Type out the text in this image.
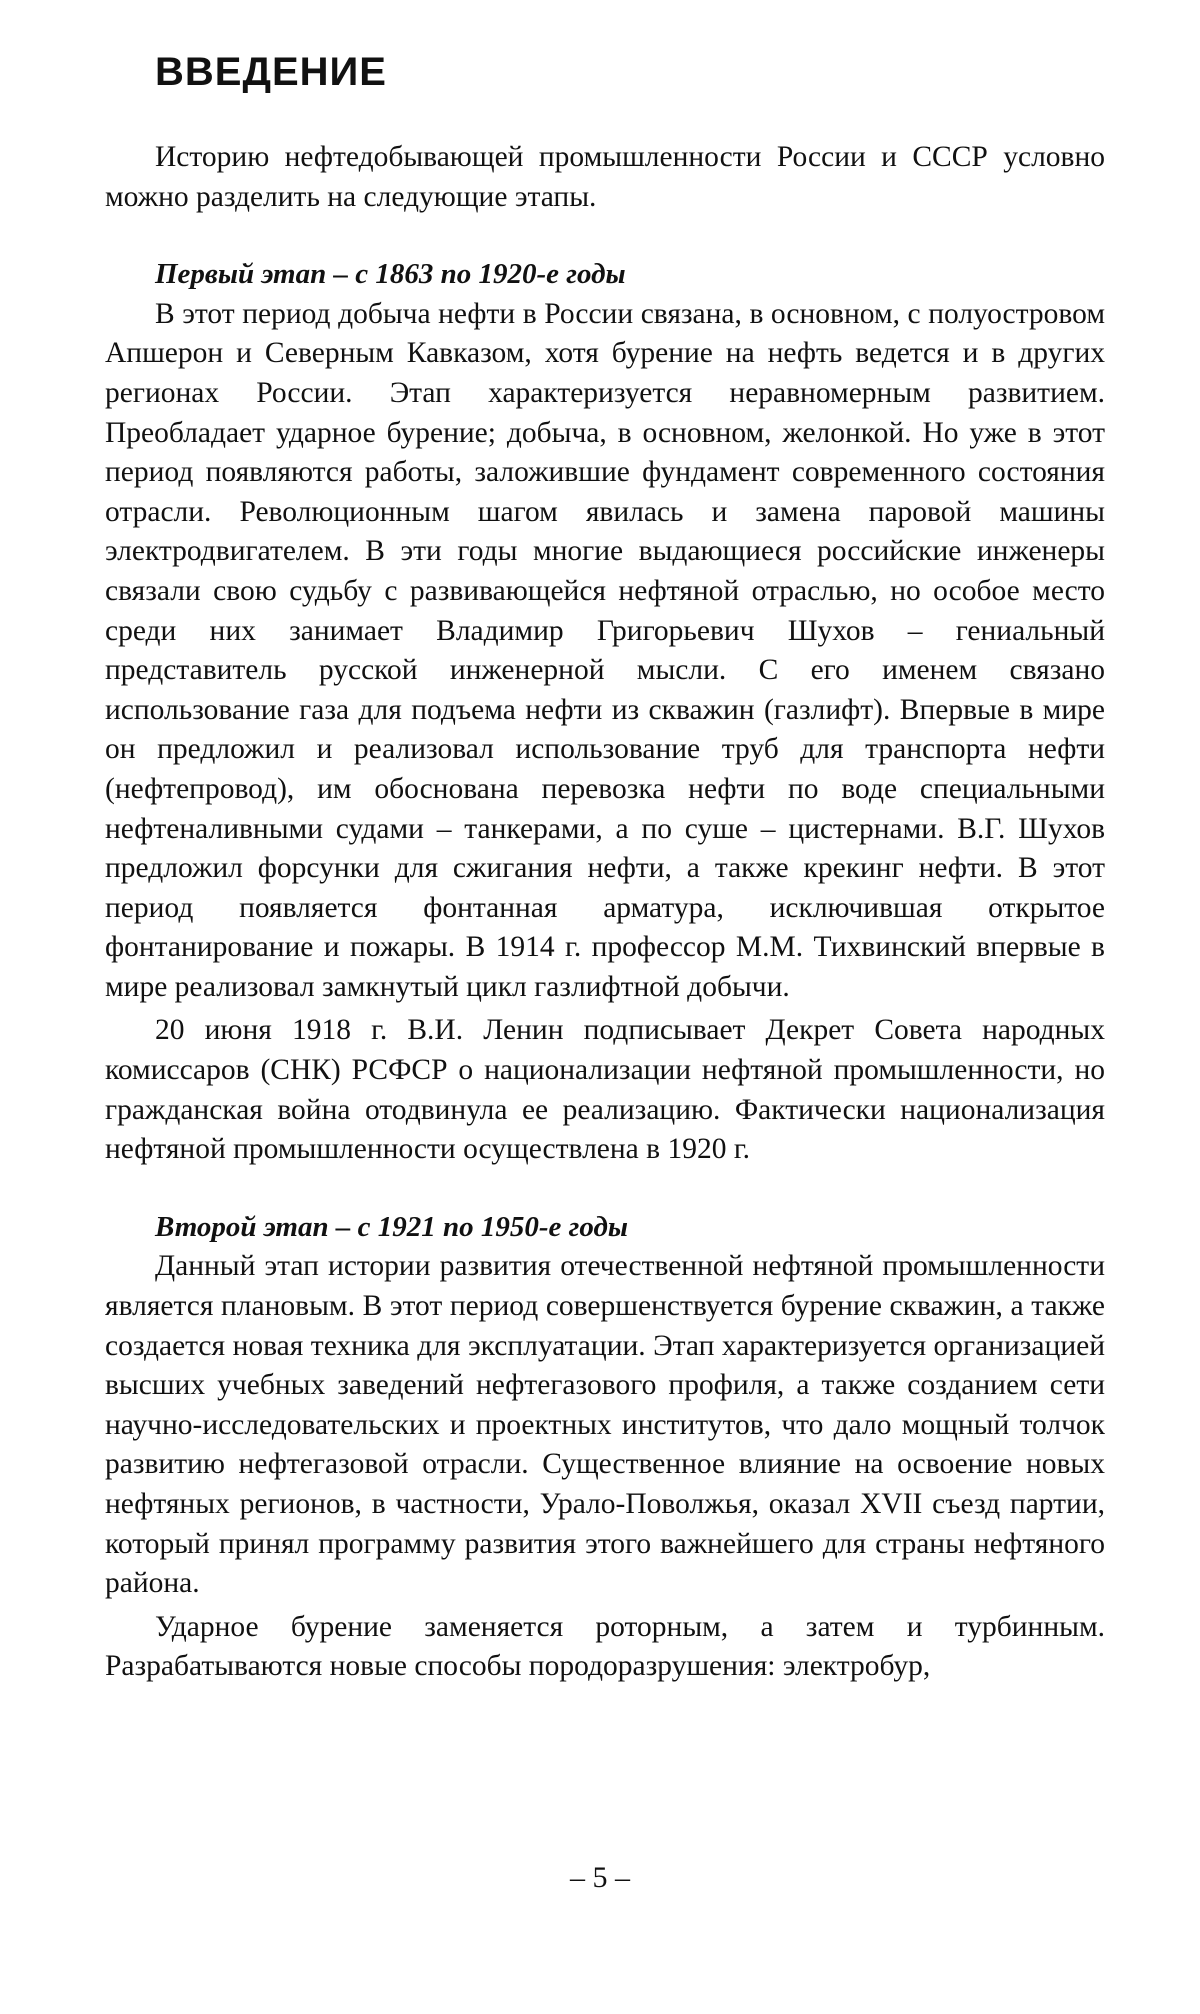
ВВЕДЕНИЕ

Историю нефтедобывающей промышленности России и СССР условно можно разделить на следующие этапы.

Первый этап – с 1863 по 1920-е годы

В этот период добыча нефти в России связана, в основном, с полуостровом Апшерон и Северным Кавказом, хотя бурение на нефть ведется и в других регионах России. Этап характеризуется неравномерным развитием. Преобладает ударное бурение; добыча, в основном, желонкой. Но уже в этот период появляются работы, заложившие фундамент современного состояния отрасли. Революционным шагом явилась и замена паровой машины электродвигателем. В эти годы многие выдающиеся российские инженеры связали свою судьбу с развивающейся нефтяной отраслью, но особое место среди них занимает Владимир Григорьевич Шухов – гениальный представитель русской инженерной мысли. С его именем связано использование газа для подъема нефти из скважин (газлифт). Впервые в мире он предложил и реализовал использование труб для транспорта нефти (нефтепровод), им обоснована перевозка нефти по воде специальными нефтеналивными судами – танкерами, а по суше – цистернами. В.Г. Шухов предложил форсунки для сжигания нефти, а также крекинг нефти. В этот период появляется фонтанная арматура, исключившая открытое фонтанирование и пожары. В 1914 г. профессор М.М. Тихвинский впервые в мире реализовал замкнутый цикл газлифтной добычи.

20 июня 1918 г. В.И. Ленин подписывает Декрет Совета народных комиссаров (СНК) РСФСР о национализации нефтяной промышленности, но гражданская война отодвинула ее реализацию. Фактически национализация нефтяной промышленности осуществлена в 1920 г.

Второй этап – с 1921 по 1950-е годы

Данный этап истории развития отечественной нефтяной промышленности является плановым. В этот период совершенствуется бурение скважин, а также создается новая техника для эксплуатации. Этап характеризуется организацией высших учебных заведений нефтегазового профиля, а также созданием сети научно-исследовательских и проектных институтов, что дало мощный толчок развитию нефтегазовой отрасли. Существенное влияние на освоение новых нефтяных регионов, в частности, Урало-Поволжья, оказал XVII съезд партии, который принял программу развития этого важнейшего для страны нефтяного района.

Ударное бурение заменяется роторным, а затем и турбинным. Разрабатываются новые способы породоразрушения: электробур,

– 5 –
